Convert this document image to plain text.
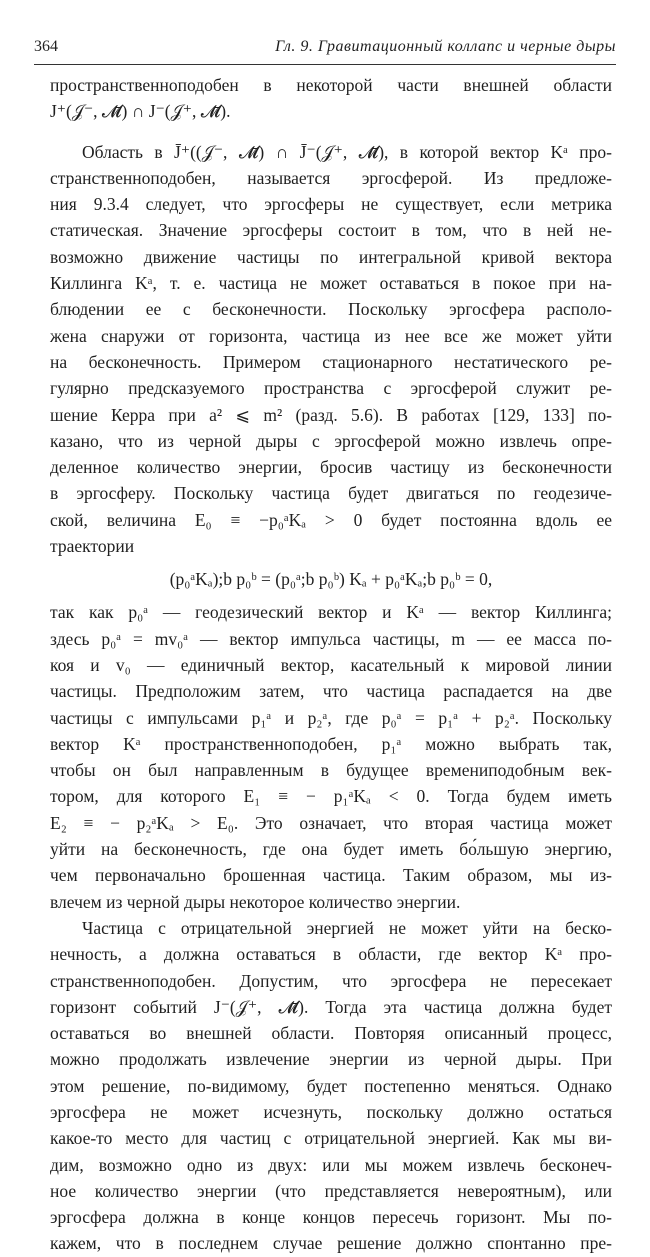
364	Гл. 9. Гравитационный коллапс и черные дыры
пространственноподобен в некоторой части внешней области
J⁺(𝒥⁻, 𝓜̄) ∩ J⁻(𝒥⁺, 𝓜̄).
Область в J̄⁺((𝒥⁻, 𝓜̄) ∩ J̄⁻(𝒥⁺, 𝓜̄), в которой вектор Kᵃ про-
странственноподобен, называется эргосферой. Из предложе-
ния 9.3.4 следует, что эргосферы не существует, если метрика
статическая. Значение эргосферы состоит в том, что в ней не-
возможно движение частицы по интегральной кривой вектора
Киллинга Kᵃ, т. е. частица не может оставаться в покое при на-
блюдении ее с бесконечности. Поскольку эргосфера располо-
жена снаружи от горизонта, частица из нее все же может уйти
на бесконечность. Примером стационарного нестатического ре-
гулярно предсказуемого пространства с эргосферой служит ре-
шение Керра при a² ⩽ m² (разд. 5.6). В работах [129, 133] по-
казано, что из черной дыры с эргосферой можно извлечь опре-
деленное количество энергии, бросив частицу из бесконечности
в эргосферу. Поскольку частица будет двигаться по геодезиче-
ской, величина E₀ ≡ −p₀ᵃKₐ > 0 будет постоянна вдоль ее
траектории
(p₀ᵃKₐ);b p₀ᵇ = (p₀ᵃ;b p₀ᵇ) Kₐ + p₀ᵃKₐ;b p₀ᵇ = 0,
так как p₀ᵃ — геодезический вектор и Kᵃ — вектор Киллинга;
здесь p₀ᵃ = mv₀ᵃ — вектор импульса частицы, m — ее масса по-
коя и v₀ — единичный вектор, касательный к мировой линии
частицы. Предположим затем, что частица распадается на две
частицы с импульсами p₁ᵃ и p₂ᵃ, где p₀ᵃ = p₁ᵃ + p₂ᵃ. Поскольку
вектор Kᵃ пространственноподобен, p₁ᵃ можно выбрать так,
чтобы он был направленным в будущее времениподобным век-
тором, для которого E₁ ≡ − p₁ᵃKₐ < 0. Тогда будем иметь
E₂ ≡ − p₂ᵃKₐ > E₀. Это означает, что вторая частица может
уйти на бесконечность, где она будет иметь бо́льшую энергию,
чем первоначально брошенная частица. Таким образом, мы из-
влечем из черной дыры некоторое количество энергии.
Частица с отрицательной энергией не может уйти на беско-
нечность, а должна оставаться в области, где вектор Kᵃ про-
странственноподобен. Допустим, что эргосфера не пересекает
горизонт событий J⁻(𝒥⁺, 𝓜̄). Тогда эта частица должна будет
оставаться во внешней области. Повторяя описанный процесс,
можно продолжать извлечение энергии из черной дыры. При
этом решение, по-видимому, будет постепенно меняться. Однако
эргосфера не может исчезнуть, поскольку должно остаться
какое-то место для частиц с отрицательной энергией. Как мы ви-
дим, возможно одно из двух: или мы можем извлечь бесконеч-
ное количество энергии (что представляется невероятным), или
эргосфера должна в конце концов пересечь горизонт. Мы по-
кажем, что в последнем случае решение должно спонтанно пре-
